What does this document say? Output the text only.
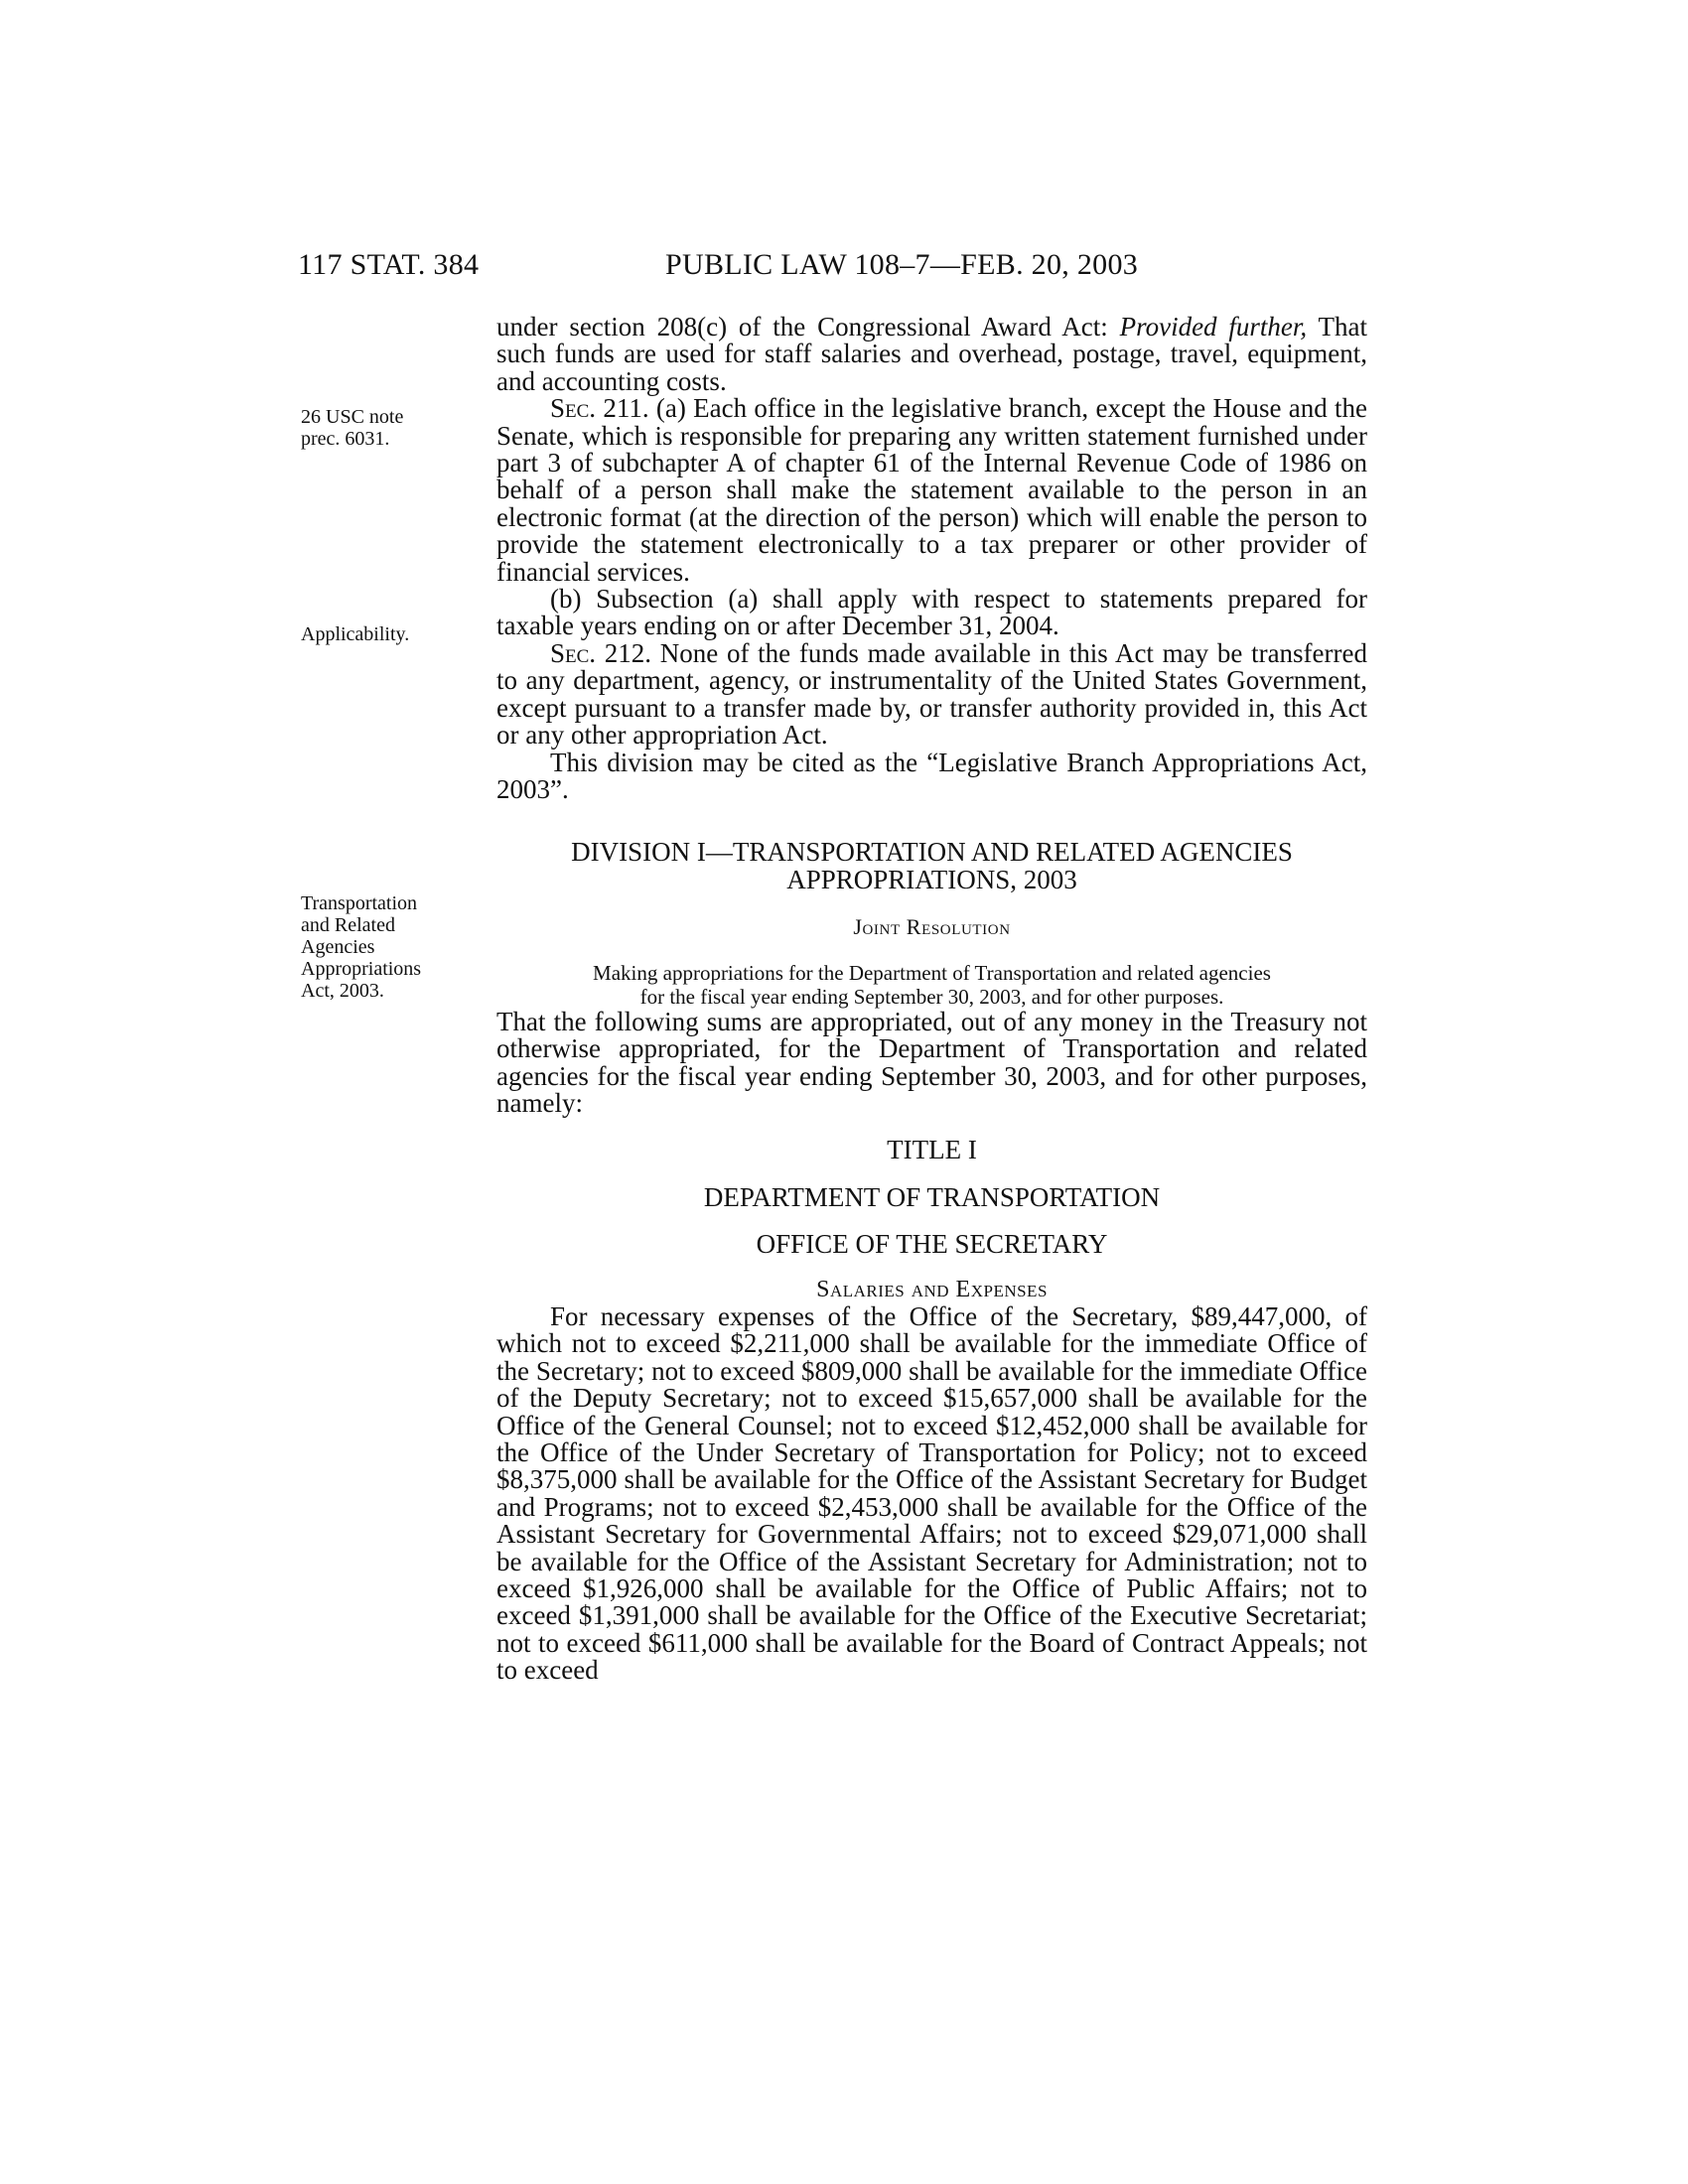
117 STAT. 384	PUBLIC LAW 108–7—FEB. 20, 2003
26 USC note
prec. 6031.
Applicability.
Transportation
and Related
Agencies
Appropriations
Act, 2003.

under section 208(c) of the Congressional Award Act: Provided further, That such funds are used for staff salaries and overhead, postage, travel, equipment, and accounting costs.

Sec. 211. (a) Each office in the legislative branch, except the House and the Senate, which is responsible for preparing any written statement furnished under part 3 of subchapter A of chapter 61 of the Internal Revenue Code of 1986 on behalf of a person shall make the statement available to the person in an electronic format (at the direction of the person) which will enable the person to provide the statement electronically to a tax preparer or other provider of financial services.

(b) Subsection (a) shall apply with respect to statements prepared for taxable years ending on or after December 31, 2004.

Sec. 212. None of the funds made available in this Act may be transferred to any department, agency, or instrumentality of the United States Government, except pursuant to a transfer made by, or transfer authority provided in, this Act or any other appropriation Act.

This division may be cited as the “Legislative Branch Appropriations Act, 2003”.

DIVISION I—TRANSPORTATION AND RELATED AGENCIES
APPROPRIATIONS, 2003
Joint Resolution
Making appropriations for the Department of Transportation and related agencies
for the fiscal year ending September 30, 2003, and for other purposes.

That the following sums are appropriated, out of any money in the Treasury not otherwise appropriated, for the Department of Transportation and related agencies for the fiscal year ending September 30, 2003, and for other purposes, namely:

TITLE I
DEPARTMENT OF TRANSPORTATION
OFFICE OF THE SECRETARY
Salaries and Expenses

For necessary expenses of the Office of the Secretary, $89,447,000, of which not to exceed $2,211,000 shall be available for the immediate Office of the Secretary; not to exceed $809,000 shall be available for the immediate Office of the Deputy Secretary; not to exceed $15,657,000 shall be available for the Office of the General Counsel; not to exceed $12,452,000 shall be available for the Office of the Under Secretary of Transportation for Policy; not to exceed $8,375,000 shall be available for the Office of the Assistant Secretary for Budget and Programs; not to exceed $2,453,000 shall be available for the Office of the Assistant Secretary for Governmental Affairs; not to exceed $29,071,000 shall be available for the Office of the Assistant Secretary for Administration; not to exceed $1,926,000 shall be available for the Office of Public Affairs; not to exceed $1,391,000 shall be available for the Office of the Executive Secretariat; not to exceed $611,000 shall be available for the Board of Contract Appeals; not to exceed
